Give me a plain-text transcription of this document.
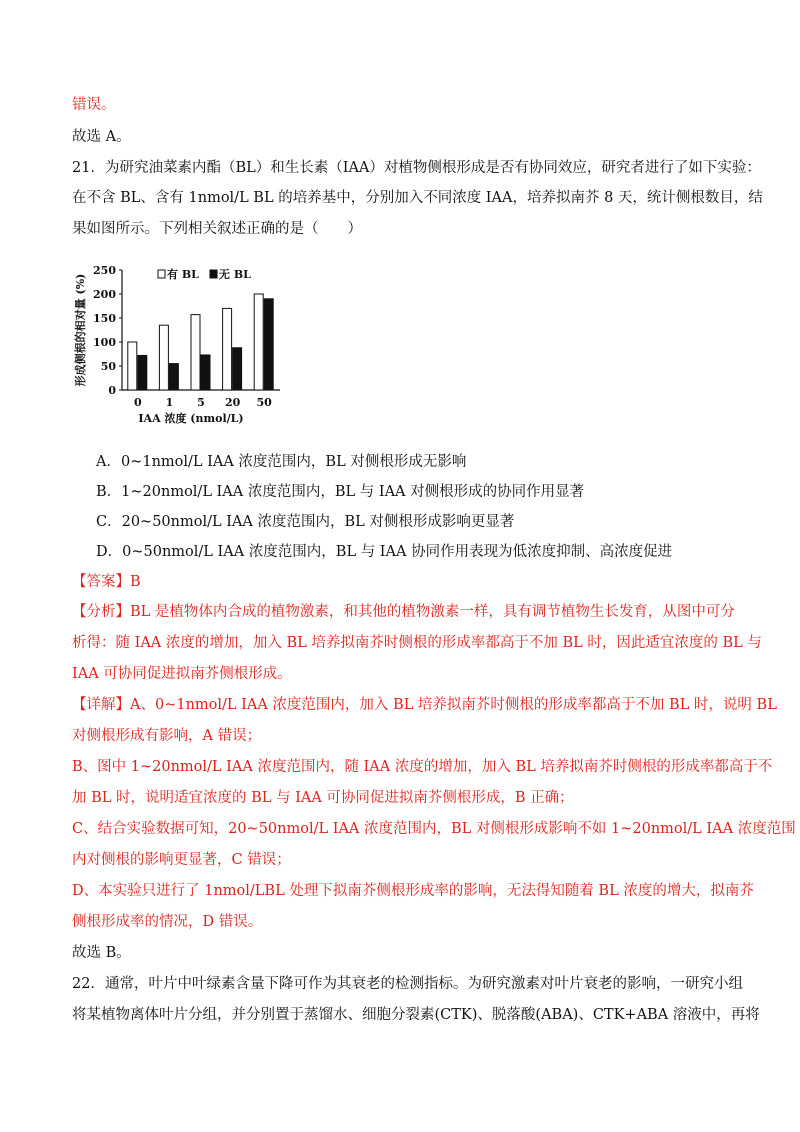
错误。
故选 A。
21．为研究油菜素内酯（BL）和生长素（IAA）对植物侧根形成是否有协同效应，研究者进行了如下实验：
在不含 BL、含有 1nmol/L BL 的培养基中，分别加入不同浓度 IAA，培养拟南芥 8 天，统计侧根数目，结
果如图所示。下列相关叙述正确的是（　　）
0
50
100
150
200
250
形成侧根的相对量 (%)
0 1 5 20 50
IAA 浓度 (nmol/L)
有 BL 无 BL
A．0~1nmol/L IAA 浓度范围内，BL 对侧根形成无影响
B．1~20nmol/L IAA 浓度范围内，BL 与 IAA 对侧根形成的协同作用显著
C．20~50nmol/L IAA 浓度范围内，BL 对侧根形成影响更显著
D．0~50nmol/L IAA 浓度范围内，BL 与 IAA 协同作用表现为低浓度抑制、高浓度促进
【答案】B
【分析】BL 是植物体内合成的植物激素，和其他的植物激素一样，具有调节植物生长发育，从图中可分
析得：随 IAA 浓度的增加，加入 BL 培养拟南芥时侧根的形成率都高于不加 BL 时，因此适宜浓度的 BL 与
IAA 可协同促进拟南芥侧根形成。
【详解】A、0~1nmol/L IAA 浓度范围内，加入 BL 培养拟南芥时侧根的形成率都高于不加 BL 时，说明 BL
对侧根形成有影响，A 错误；
B、图中 1~20nmol/L IAA 浓度范围内，随 IAA 浓度的增加，加入 BL 培养拟南芥时侧根的形成率都高于不
加 BL 时，说明适宜浓度的 BL 与 IAA 可协同促进拟南芥侧根形成，B 正确；
C、结合实验数据可知，20~50nmol/L IAA 浓度范围内，BL 对侧根形成影响不如 1~20nmol/L IAA 浓度范围
内对侧根的影响更显著，C 错误；
D、本实验只进行了 1nmol/LBL 处理下拟南芥侧根形成率的影响，无法得知随着 BL 浓度的增大，拟南芥
侧根形成率的情况，D 错误。
故选 B。
22．通常，叶片中叶绿素含量下降可作为其衰老的检测指标。为研究激素对叶片衰老的影响，一研究小组
将某植物离体叶片分组，并分别置于蒸馏水、细胞分裂素(CTK)、脱落酸(ABA)、CTK+ABA 溶液中，再将
